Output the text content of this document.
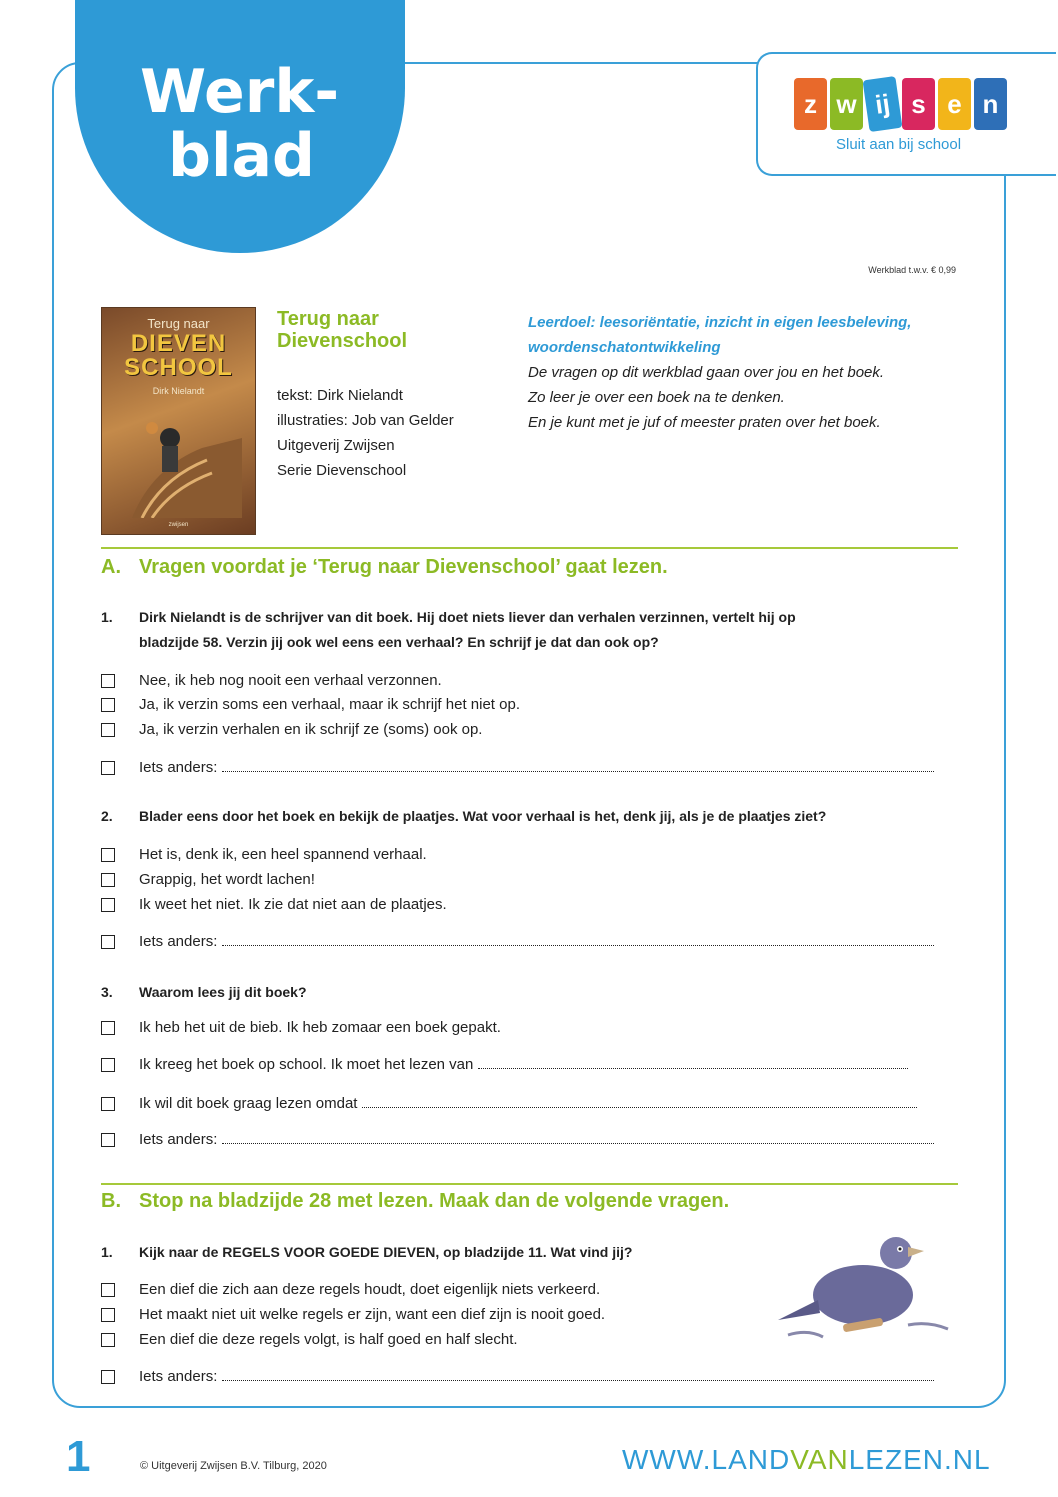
Werk-
blad
z w ij s e n
Sluit aan bij school
Werkblad t.w.v. € 0,99
Terug naar
DIEVEN
SCHOOL
Dirk Nielandt
zwijsen
Terug naar
Dievenschool
tekst: Dirk Nielandt
illustraties: Job van Gelder
Uitgeverij Zwijsen
Serie Dievenschool
Leerdoel: leesoriëntatie, inzicht in eigen leesbeleving,
woordenschatontwikkeling
De vragen op dit werkblad gaan over jou en het boek.
Zo leer je over een boek na te denken.
En je kunt met je juf of meester praten over het boek.
A. Vragen voordat je ‘Terug naar Dievenschool’ gaat lezen.
1. Dirk Nielandt is de schrijver van dit boek. Hij doet niets liever dan verhalen verzinnen, vertelt hij op
bladzijde 58. Verzin jij ook wel eens een verhaal? En schrijf je dat dan ook op?
Nee, ik heb nog nooit een verhaal verzonnen.
Ja, ik verzin soms een verhaal, maar ik schrijf het niet op.
Ja, ik verzin verhalen en ik schrijf ze (soms) ook op.
Iets anders:
2. Blader eens door het boek en bekijk de plaatjes. Wat voor verhaal is het, denk jij, als je de plaatjes ziet?
Het is, denk ik, een heel spannend verhaal.
Grappig, het wordt lachen!
Ik weet het niet. Ik zie dat niet aan de plaatjes.
Iets anders:
3. Waarom lees jij dit boek?
Ik heb het uit de bieb. Ik heb zomaar een boek gepakt.
Ik kreeg het boek op school. Ik moet het lezen van
Ik wil dit boek graag lezen omdat
Iets anders:
B. Stop na bladzijde 28 met lezen. Maak dan de volgende vragen.
1. Kijk naar de REGELS VOOR GOEDE DIEVEN, op bladzijde 11. Wat vind jij?
Een dief die zich aan deze regels houdt, doet eigenlijk niets verkeerd.
Het maakt niet uit welke regels er zijn, want een dief zijn is nooit goed.
Een dief die deze regels volgt, is half goed en half slecht.
Iets anders:
1	© Uitgeverij Zwijsen B.V. Tilburg, 2020	WWW.LANDVANLEZEN.NL
